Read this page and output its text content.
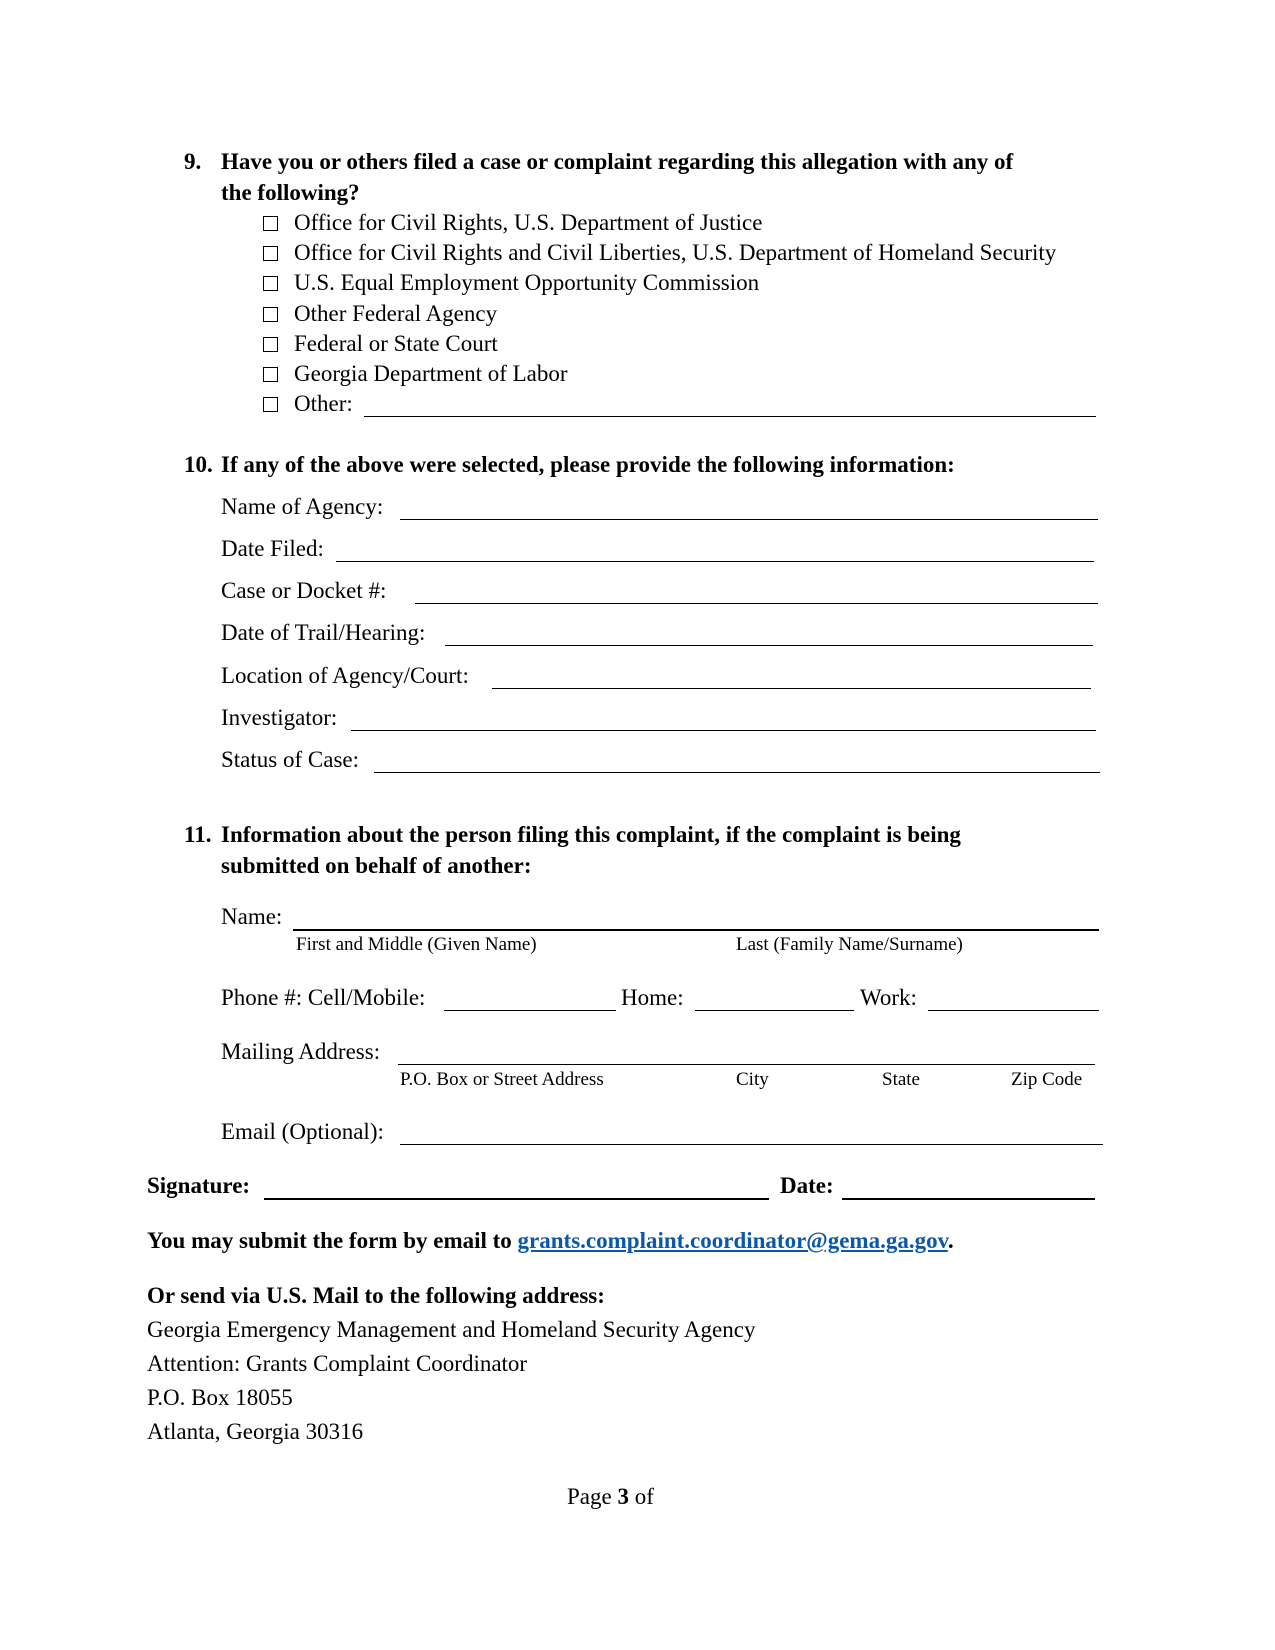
9. Have you or others filed a case or complaint regarding this allegation with any of
the following?
Office for Civil Rights, U.S. Department of Justice
Office for Civil Rights and Civil Liberties, U.S. Department of Homeland Security
U.S. Equal Employment Opportunity Commission
Other Federal Agency
Federal or State Court
Georgia Department of Labor
Other:
10. If any of the above were selected, please provide the following information:
Name of Agency:
Date Filed:
Case or Docket #:
Date of Trail/Hearing:
Location of Agency/Court:
Investigator:
Status of Case:
11. Information about the person filing this complaint, if the complaint is being
submitted on behalf of another:
Name:
First and Middle (Given Name)	Last (Family Name/Surname)
Phone #: Cell/Mobile:	Home:	Work:
Mailing Address:
P.O. Box or Street Address	City	State	Zip Code
Email (Optional):
Signature:	Date:
You may submit the form by email to grants.complaint.coordinator@gema.ga.gov.
Or send via U.S. Mail to the following address:
Georgia Emergency Management and Homeland Security Agency
Attention: Grants Complaint Coordinator
P.O. Box 18055
Atlanta, Georgia 30316
Page 3 of
